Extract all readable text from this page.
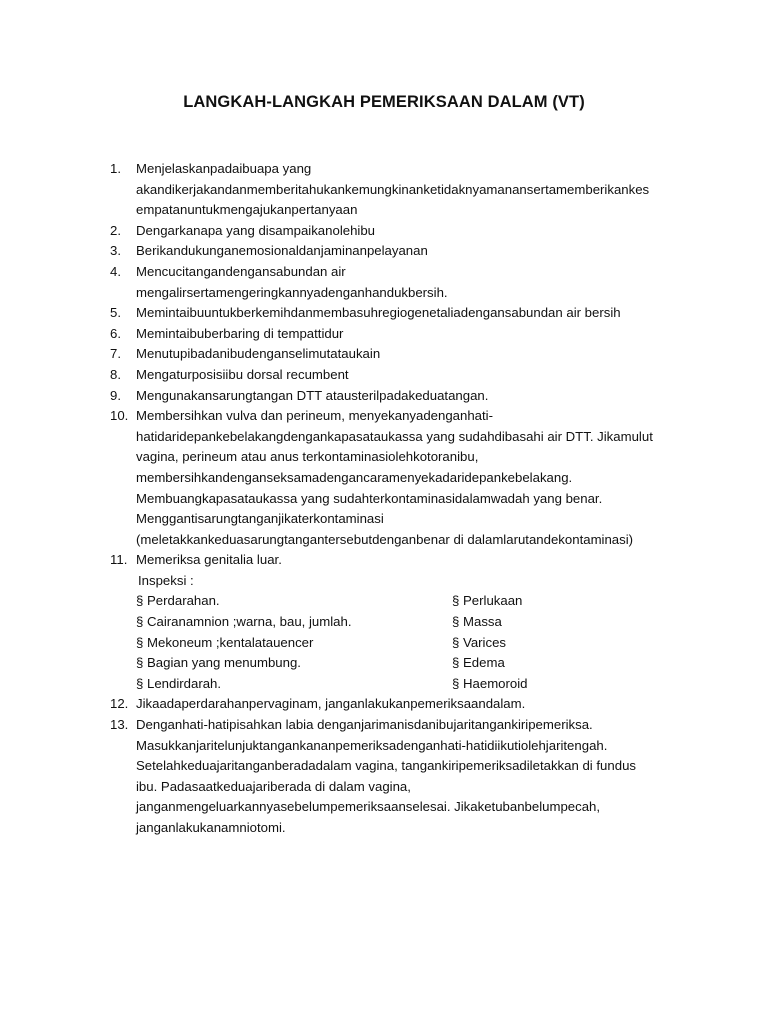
LANGKAH-LANGKAH PEMERIKSAAN DALAM (VT)
1.	Menjelaskanpadaibuapa yang
akandikerjakandanmemberitahukankemungkinanketidaknyamanansertamemberikankes
empatanuntukmengajukanpertanyaan
2.	Dengarkanapa yang disampaikanolehibu
3.	Berikandukunganemosionaldanjaminanpelayanan
4.	Mencucitangandengansabundan air
mengalirsertamengeringkannyadenganhandukbersih.
5.	Memintaibuuntukberkemihdanmembasuhregiogenetaliadengansabundan air bersih
6.	Memintaibuberbaring di tempattidur
7.	Menutupibadanibudenganselimutataukain
8.	Mengaturposisiibu dorsal recumbent
9.	Mengunakansarungtangan DTT atausterilpadakeduatangan.
10. Membersihkan vulva dan perineum, menyekanyadenganhati-
hatidaridepankebelakangdengankapasataukassa yang sudahdibasahi air DTT. Jikamulut
vagina, perineum atau anus terkontaminasiolehkotoranibu,
membersihkandenganseksamadengancaramenyekadaridepankebelakang.
Membuangkapasataukassa yang sudahterkontaminasidalamwadah yang benar.
Menggantisarungtanganjikaterkontaminasi
(meletakkankeduasarungtangantersebutdenganbenar di dalamlarutandekontaminasi)
11. Memeriksa genitalia luar.
Inspeksi :
§ Perdarahan.	§ Perlukaan
§ Cairanamnion ;warna, bau, jumlah.	§ Massa
§ Mekoneum ;kentalatauencer	§ Varices
§ Bagian yang menumbung.	§ Edema
§ Lendirdarah.	§ Haemoroid
12. Jikaadaperdarahanpervaginam, janganlakukanpemeriksaandalam.
13. Denganhati-hatipisahkan labia denganjarimanisdanibujaritangankiripemeriksa.
Masukkanjaritelunjuktangankananpemeriksadenganhati-hatidiikutiolehjaritengah.
Setelahkeduajaritanganberadadalam vagina, tangankiripemeriksadiletakkan di fundus
ibu. Padasaatkeduajariberada di dalam vagina,
janganmengeluarkannyasebelumpemeriksaanselesai. Jikaketubanbelumpecah,
janganlakukanamniotomi.
